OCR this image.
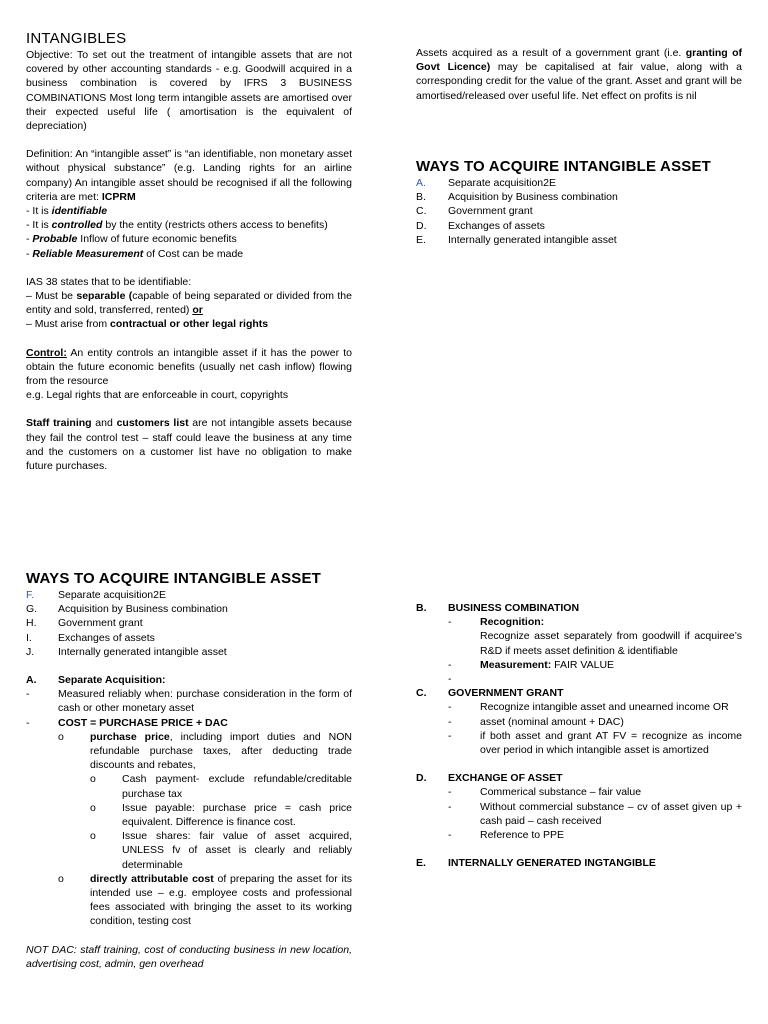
INTANGIBLES

Objective: To set out the treatment of intangible assets that are not covered by other accounting standards - e.g. Goodwill acquired in a business combination is covered by IFRS 3 BUSINESS COMBINATIONS Most long term intangible assets are amortised over their expected useful life ( amortisation is the equivalent of depreciation)

Definition: An “intangible asset” is “an identifiable, non monetary asset without physical substance” (e.g. Landing rights for an airline company) An intangible asset should be recognised if all the following criteria are met: ICPRM

- It is identifiable

- It is controlled by the entity (restricts others access to benefits)

- Probable Inflow of future economic benefits

- Reliable Measurement of Cost can be made

IAS 38 states that to be identifiable:

– Must be separable (capable of being separated or divided from the entity and sold, transferred, rented) or

– Must arise from contractual or other legal rights

Control: An entity controls an intangible asset if it has the power to obtain the future economic benefits (usually net cash inflow) flowing from the resource

e.g. Legal rights that are enforceable in court, copyrights

Staff training and customers list are not intangible assets because they fail the control test – staff could leave the business at any time and the customers on a customer list have no obligation to make future purchases.

Assets acquired as a result of a government grant (i.e. granting of Govt Licence) may be capitalised at fair value, along with a corresponding credit for the value of the grant. Asset and grant will be amortised/released over useful life. Net effect on profits is nil

WAYS TO ACQUIRE INTANGIBLE ASSET
A.	Separate acquisition2E
B.	Acquisition by Business combination
C.	Government grant
D.	Exchanges of assets
E.	Internally generated intangible asset
WAYS TO ACQUIRE INTANGIBLE ASSET
F.	Separate acquisition2E
G.	Acquisition by Business combination
H.	Government grant
I.	Exchanges of assets
J.	Internally generated intangible asset
A.	Separate Acquisition:
-	Measured reliably when: purchase consideration in the form of cash or other monetary asset
-	COST = PURCHASE PRICE + DAC
o	purchase price, including import duties and NON refundable purchase taxes, after deducting trade discounts and rebates,
o	Cash payment- exclude refundable/creditable purchase tax
o	Issue payable: purchase price = cash price equivalent. Difference is finance cost.
o	Issue shares: fair value of asset acquired, UNLESS fv of asset is clearly and reliably determinable
o	directly attributable cost of preparing the asset for its intended use – e.g. employee costs and professional fees associated with bringing the asset to its working condition, testing cost

NOT DAC: staff training, cost of conducting business in new location, advertising cost, admin, gen overhead

B.	BUSINESS COMBINATION
-	Recognition:

Recognize asset separately from goodwill if acquiree’s R&D if meets asset definition & identifiable

-	Measurement: FAIR VALUE
-
C.	GOVERNMENT GRANT
-	Recognize intangible asset and unearned income OR
-	asset (nominal amount + DAC)
-	if both asset and grant AT FV = recognize as income over period in which intangible asset is amortized
D.	EXCHANGE OF ASSET
-	Commerical substance – fair value
-	Without commercial substance – cv of asset given up + cash paid – cash received
-	Reference to PPE
E.	INTERNALLY GENERATED INGTANGIBLE
